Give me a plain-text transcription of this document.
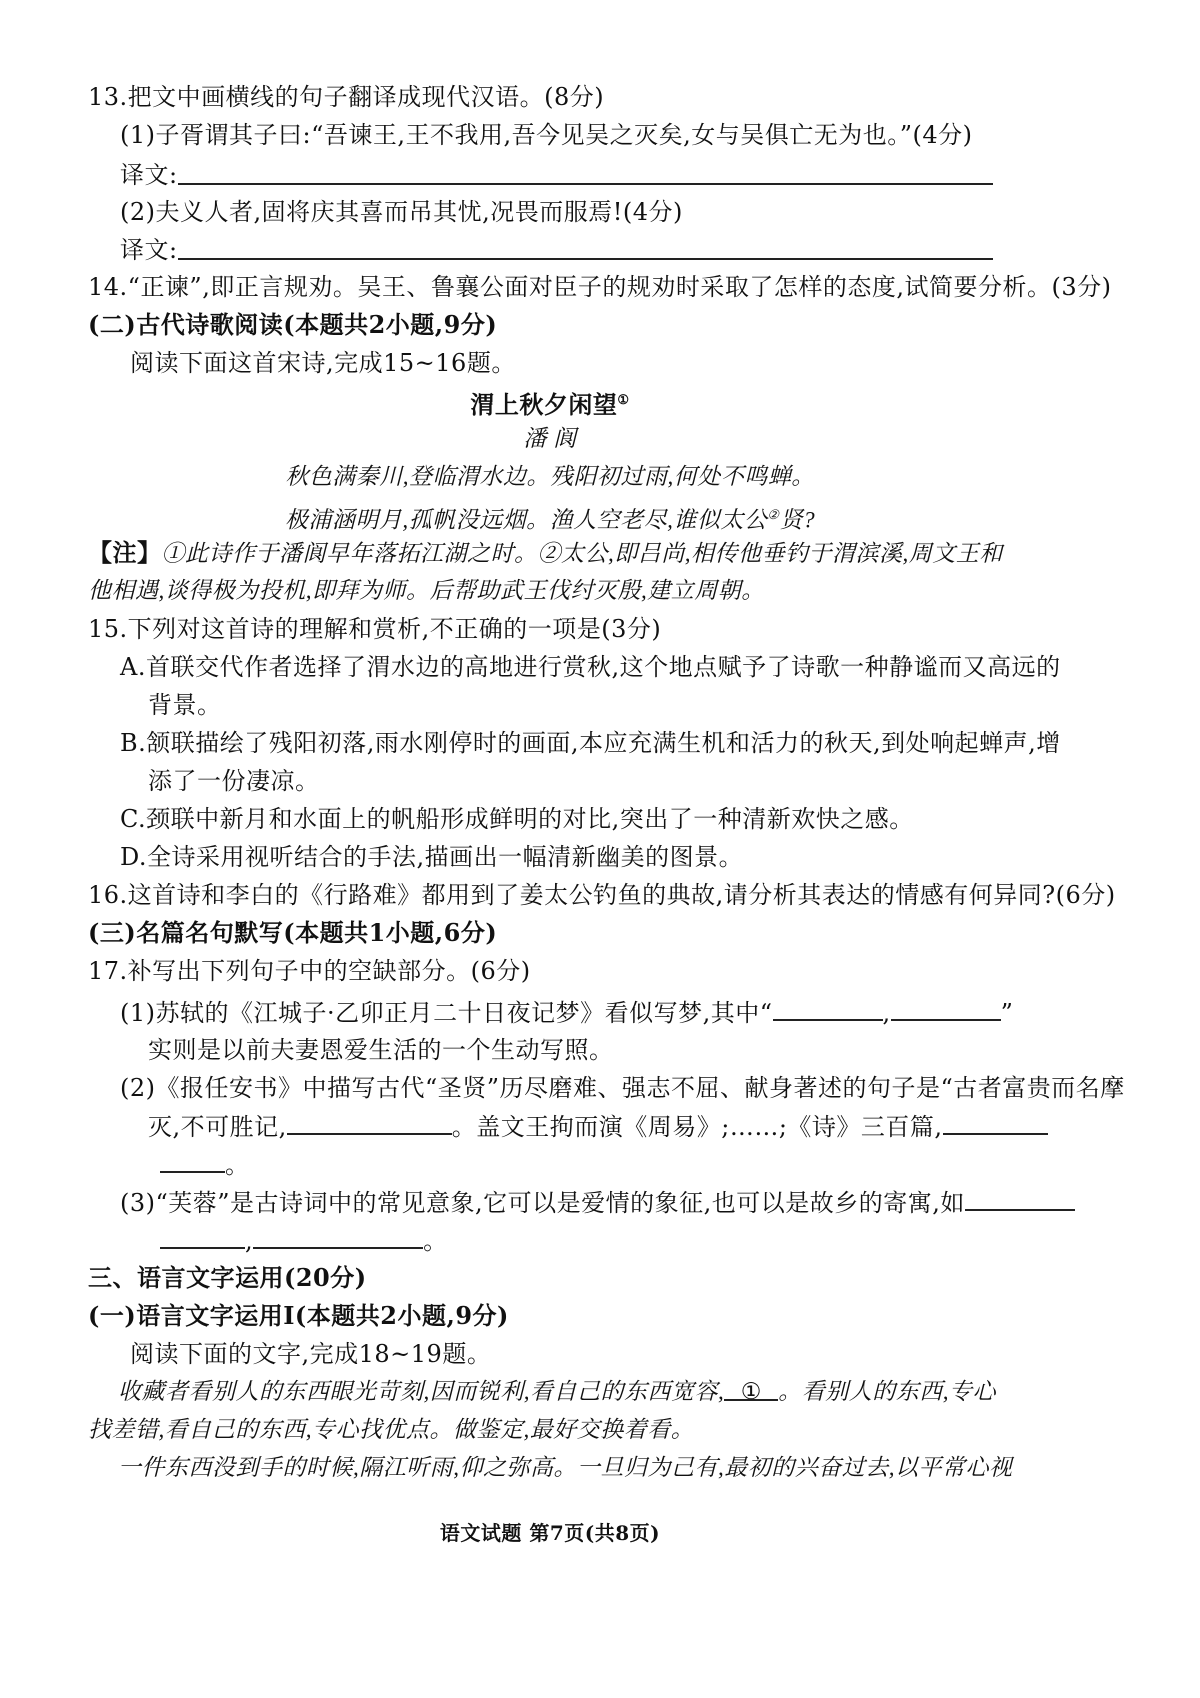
13.把文中画横线的句子翻译成现代汉语。(8分)
(1)子胥谓其子曰:“吾谏王,王不我用,吾今见吴之灭矣,女与吴俱亡无为也。”(4分)
译文:
(2)夫义人者,固将庆其喜而吊其忧,况畏而服焉!(4分)
译文:
14.“正谏”,即正言规劝。吴王、鲁襄公面对臣子的规劝时采取了怎样的态度,试简要分析。(3分)
(二)古代诗歌阅读(本题共2小题,9分)
阅读下面这首宋诗,完成15~16题。
渭上秋夕闲望①
潘 阆
秋色满秦川,登临渭水边。残阳初过雨,何处不鸣蝉。
极浦涵明月,孤帆没远烟。渔人空老尽,谁似太公②贤?
【注】①此诗作于潘阆早年落拓江湖之时。②太公,即吕尚,相传他垂钓于渭滨溪,周文王和
他相遇,谈得极为投机,即拜为师。后帮助武王伐纣灭殷,建立周朝。
15.下列对这首诗的理解和赏析,不正确的一项是(3分)
A.首联交代作者选择了渭水边的高地进行赏秋,这个地点赋予了诗歌一种静谧而又高远的
背景。
B.颔联描绘了残阳初落,雨水刚停时的画面,本应充满生机和活力的秋天,到处响起蝉声,增
添了一份凄凉。
C.颈联中新月和水面上的帆船形成鲜明的对比,突出了一种清新欢快之感。
D.全诗采用视听结合的手法,描画出一幅清新幽美的图景。
16.这首诗和李白的《行路难》都用到了姜太公钓鱼的典故,请分析其表达的情感有何异同?(6分)
(三)名篇名句默写(本题共1小题,6分)
17.补写出下列句子中的空缺部分。(6分)
(1)苏轼的《江城子·乙卯正月二十日夜记梦》看似写梦,其中“	,	”
实则是以前夫妻恩爱生活的一个生动写照。
(2)《报任安书》中描写古代“圣贤”历尽磨难、强志不屈、献身著述的句子是“古者富贵而名摩
灭,不可胜记,	。盖文王拘而演《周易》;……;《诗》三百篇,
。
(3)“芙蓉”是古诗词中的常见意象,它可以是爱情的象征,也可以是故乡的寄寓,如
,	。
三、语言文字运用(20分)
(一)语言文字运用Ⅰ(本题共2小题,9分)
阅读下面的文字,完成18~19题。
收藏者看别人的东西眼光苛刻,因而锐利,看自己的东西宽容, ① 。看别人的东西,专心
找差错,看自己的东西,专心找优点。做鉴定,最好交换着看。
一件东西没到手的时候,隔江听雨,仰之弥高。一旦归为己有,最初的兴奋过去,以平常心视
语文试题 第7页(共8页)
